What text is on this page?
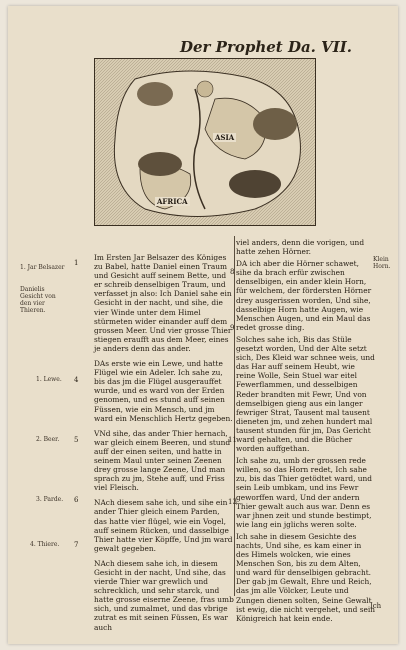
Der Prophet Da. VII.
ASIA
AFRICA
1. Jar Belsazer
Danielis Gesicht von den vier Thieren.
1. Lewe.
2. Beer.
3. Parde.
4. Thiere.
Klein Horn.
1
4
5
6
7

Im Ersten Jar Belsazer des Königes zu Babel, hatte Daniel einen Traum und Gesicht auff seinem Bette, und er schreib denselbigen Traum, und verfasset jn also: Ich Daniel sahe ein Gesicht in der nacht, und sihe, die vier Winde unter dem Himel stürmeten wider einander auff dem grossen Meer. Und vier grosse Thier stiegen eraufft aus dem Meer, eines je anders denn das ander.

DAs erste wie ein Lewe, und hatte Flügel wie ein Adeler. Ich sahe zu, bis das jm die Flügel ausgerauffet wurde, und es ward von der Erden genomen, und es stund auff seinen Füssen, wie ein Mensch, und jm ward ein Menschlich Hertz gegeben.

VNd sihe, das ander Thier hernach, war gleich einem Beeren, und stund auff der einen seiten, und hatte in seinem Maul unter seinen Zeenen drey grosse lange Zeene, Und man sprach zu jm, Stehe auff, und Friss viel Fleisch.

NAch diesem sahe ich, und sihe ein ander Thier gleich einem Parden, das hatte vier flügel, wie ein Vogel, auff seinem Rücken, und dasselbige Thier hatte vier Köpffe, Und jm ward gewalt gegeben.

NAch diesem sahe ich, in diesem Gesicht in der nacht, Und sihe, das vierde Thier war grewlich und schrecklich, und sehr starck, und hatte grosse eiserne Zeene, fras umb sich, und zumalmet, und das vbrige zutrat es mit seinen Füssen, Es war auch

viel anders, denn die vorigen, und hatte zehen Hörner.

DA ich aber die Hörner schawet, sihe da brach erfür zwischen denselbigen, ein ander klein Horn, für welchem, der fördersten Hörner drey ausgerissen worden, Und sihe, dasselbige Horn hatte Augen, wie Menschen Augen, und ein Maul das redet grosse ding.

Solches sahe ich, Bis das Stüle gesetzt worden, Und der Alte setzt sich, Des Kleid war schnee weis, und das Har auff seinem Heubt, wie reine Wolle, Sein Stuel war eitel Fewerflammen, und desselbigen Reder brandten mit Fewr, Und von demselbigen gieng aus ein langer fewriger Strat, Tausent mal tausent dieneten jm, und zehen hundert mal tausent stunden für jm, Das Gericht ward gehalten, und die Bücher worden auffgethan.

Ich sahe zu, umb der grossen rede willen, so das Horn redet, Ich sahe zu, bis das Thier getödtet ward, und sein Leib umbkam, und ins Fewr geworffen ward, Und der andern Thier gewalt auch aus war. Denn es war jhnen zeit und stunde bestimpt, wie lang ein jglichs weren solte.

Ich sahe in diesem Gesichte des nachts, Und sihe, es kam einer in des Himels wolcken, wie eines Menschen Son, bis zu dem Alten, und ward für denselbigen gebracht. Der gab jm Gewalt, Ehre und Reich, das jm alle Völcker, Leute und Zungen dienen solten, Seine Gewalt ist ewig, die nicht vergehet, und sein Königreich hat kein ende.

8
9
11
13
Ich
